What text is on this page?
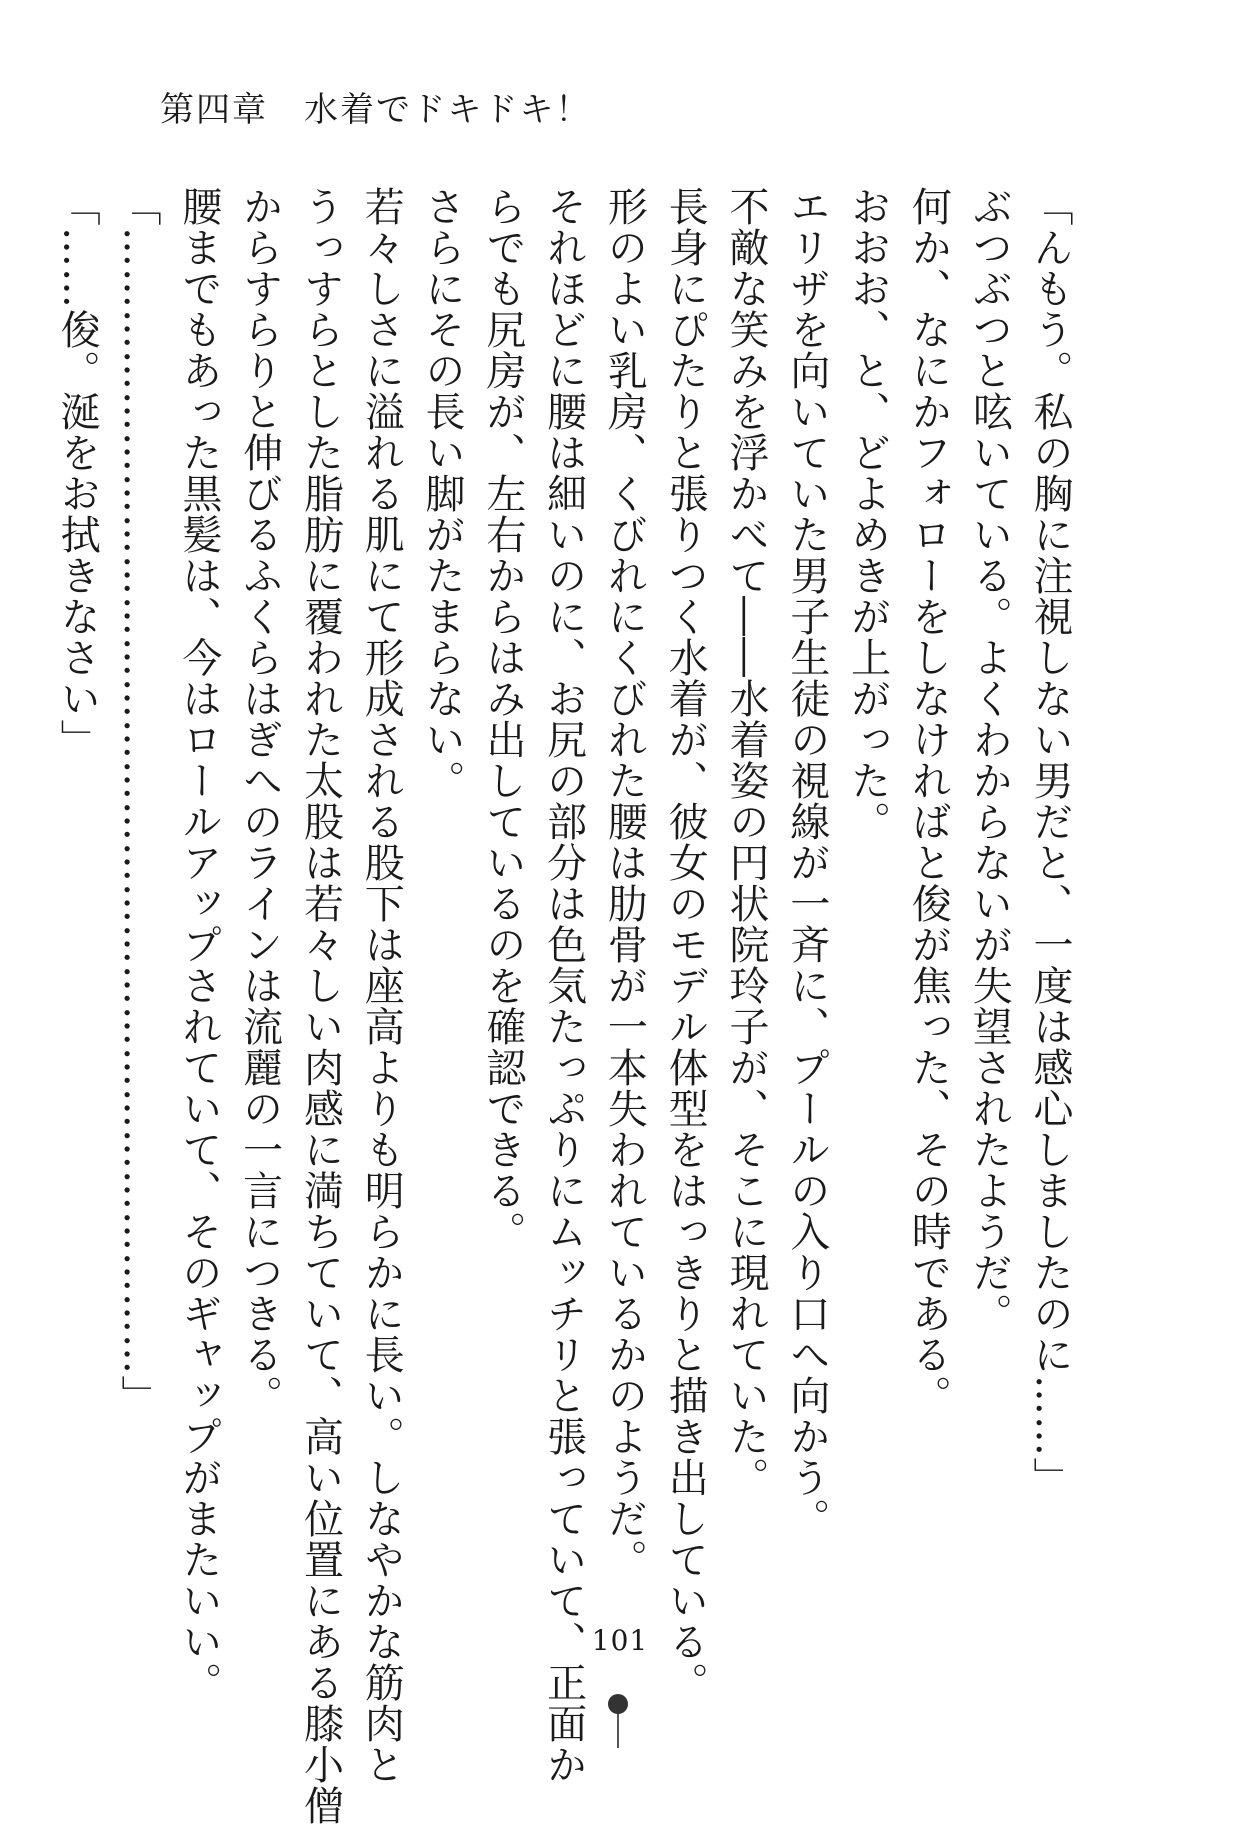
第四章 水着でドキドキ！
「んもう。私の胸に注視しない男だと、一度は感心しましたのに……」
ぶつぶつと呟いている。よくわからないが失望されたようだ。
何か、なにかフォローをしなければと俊が焦った、その時である。
おおお、と、どよめきが上がった。
エリザを向いていた男子生徒の視線が一斉に、プールの入り口へ向かう。
不敵な笑みを浮かべて――水着姿の円状院玲子が、そこに現れていた。
長身にぴたりと張りつく水着が、彼女のモデル体型をはっきりと描き出している。
形のよい乳房、くびれにくびれた腰は肋骨が一本失われているかのようだ。
それほどに腰は細いのに、お尻の部分は色気たっぷりにムッチリと張っていて、正面か
らでも尻房が、左右からはみ出しているのを確認できる。
さらにその長い脚がたまらない。
若々しさに溢れる肌にて形成される股下は座高よりも明らかに長い。しなやかな筋肉と
うっすらとした脂肪に覆われた太股は若々しい肉感に満ちていて、高い位置にある膝小僧
からすらりと伸びるふくらはぎへのラインは流麗の一言につきる。
腰までもあった黒髪は、今はロールアップされていて、そのギャップがまたいい。
「…………………………………………………………………………」
「……俊。涎をお拭きなさい」
101
